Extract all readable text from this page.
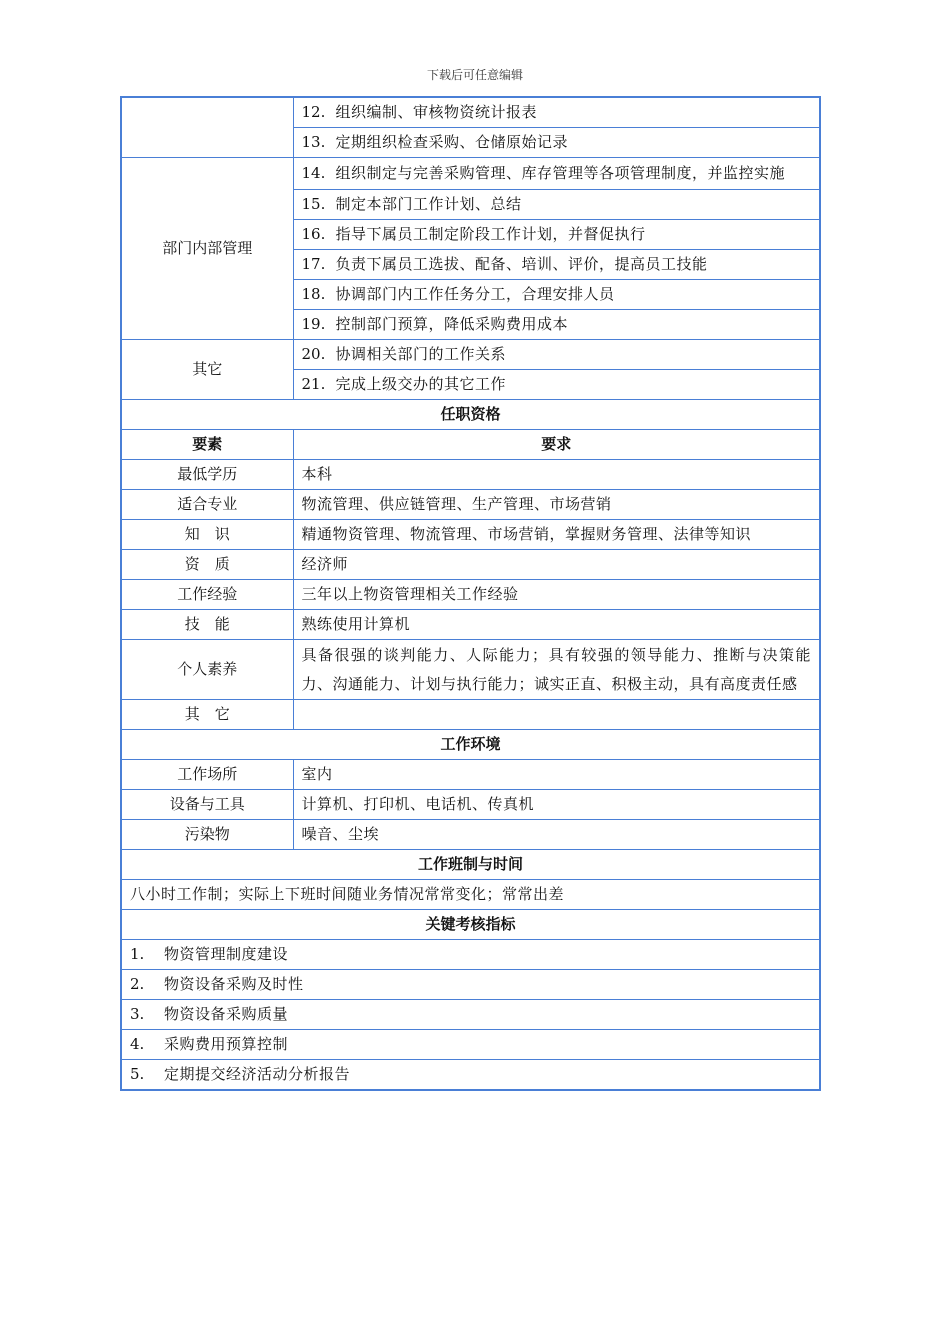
下载后可任意编辑
	12. 组织编制、审核物资统计报表
	13. 定期组织检查采购、仓储原始记录
部门内部管理	14. 组织制定与完善采购管理、库存管理等各项管理制度，并监控实施

	15. 制定本部门工作计划、总结
	16. 指导下属员工制定阶段工作计划，并督促执行
	17. 负责下属员工选拔、配备、培训、评价，提高员工技能
	18. 协调部门内工作任务分工，合理安排人员
	19. 控制部门预算，降低采购费用成本
其它	20. 协调相关部门的工作关系
	21. 完成上级交办的其它工作
任职资格	
要素	要求
最低学历	本科
适合专业	物流管理、供应链管理、生产管理、市场营销
知　识	精通物资管理、物流管理、市场营销，掌握财务管理、法律等知识
资　质	经济师
工作经验	三年以上物资管理相关工作经验
技　能	熟练使用计算机
个人素养	具备很强的谈判能力、人际能力；具有较强的领导能力、推断与决策能力、沟通能力、计划与执行能力；诚实正直、积极主动，具有高度责任感
其　它	
工作环境	
工作场所	室内
设备与工具	计算机、打印机、电话机、传真机
污染物	噪音、尘埃
工作班制与时间	
八小时工作制；实际上下班时间随业务情况常常变化；常常出差	
关键考核指标	
1. 物资管理制度建设	
2. 物资设备采购及时性	
3. 物资设备采购质量	
4. 采购费用预算控制	
5. 定期提交经济活动分析报告	
